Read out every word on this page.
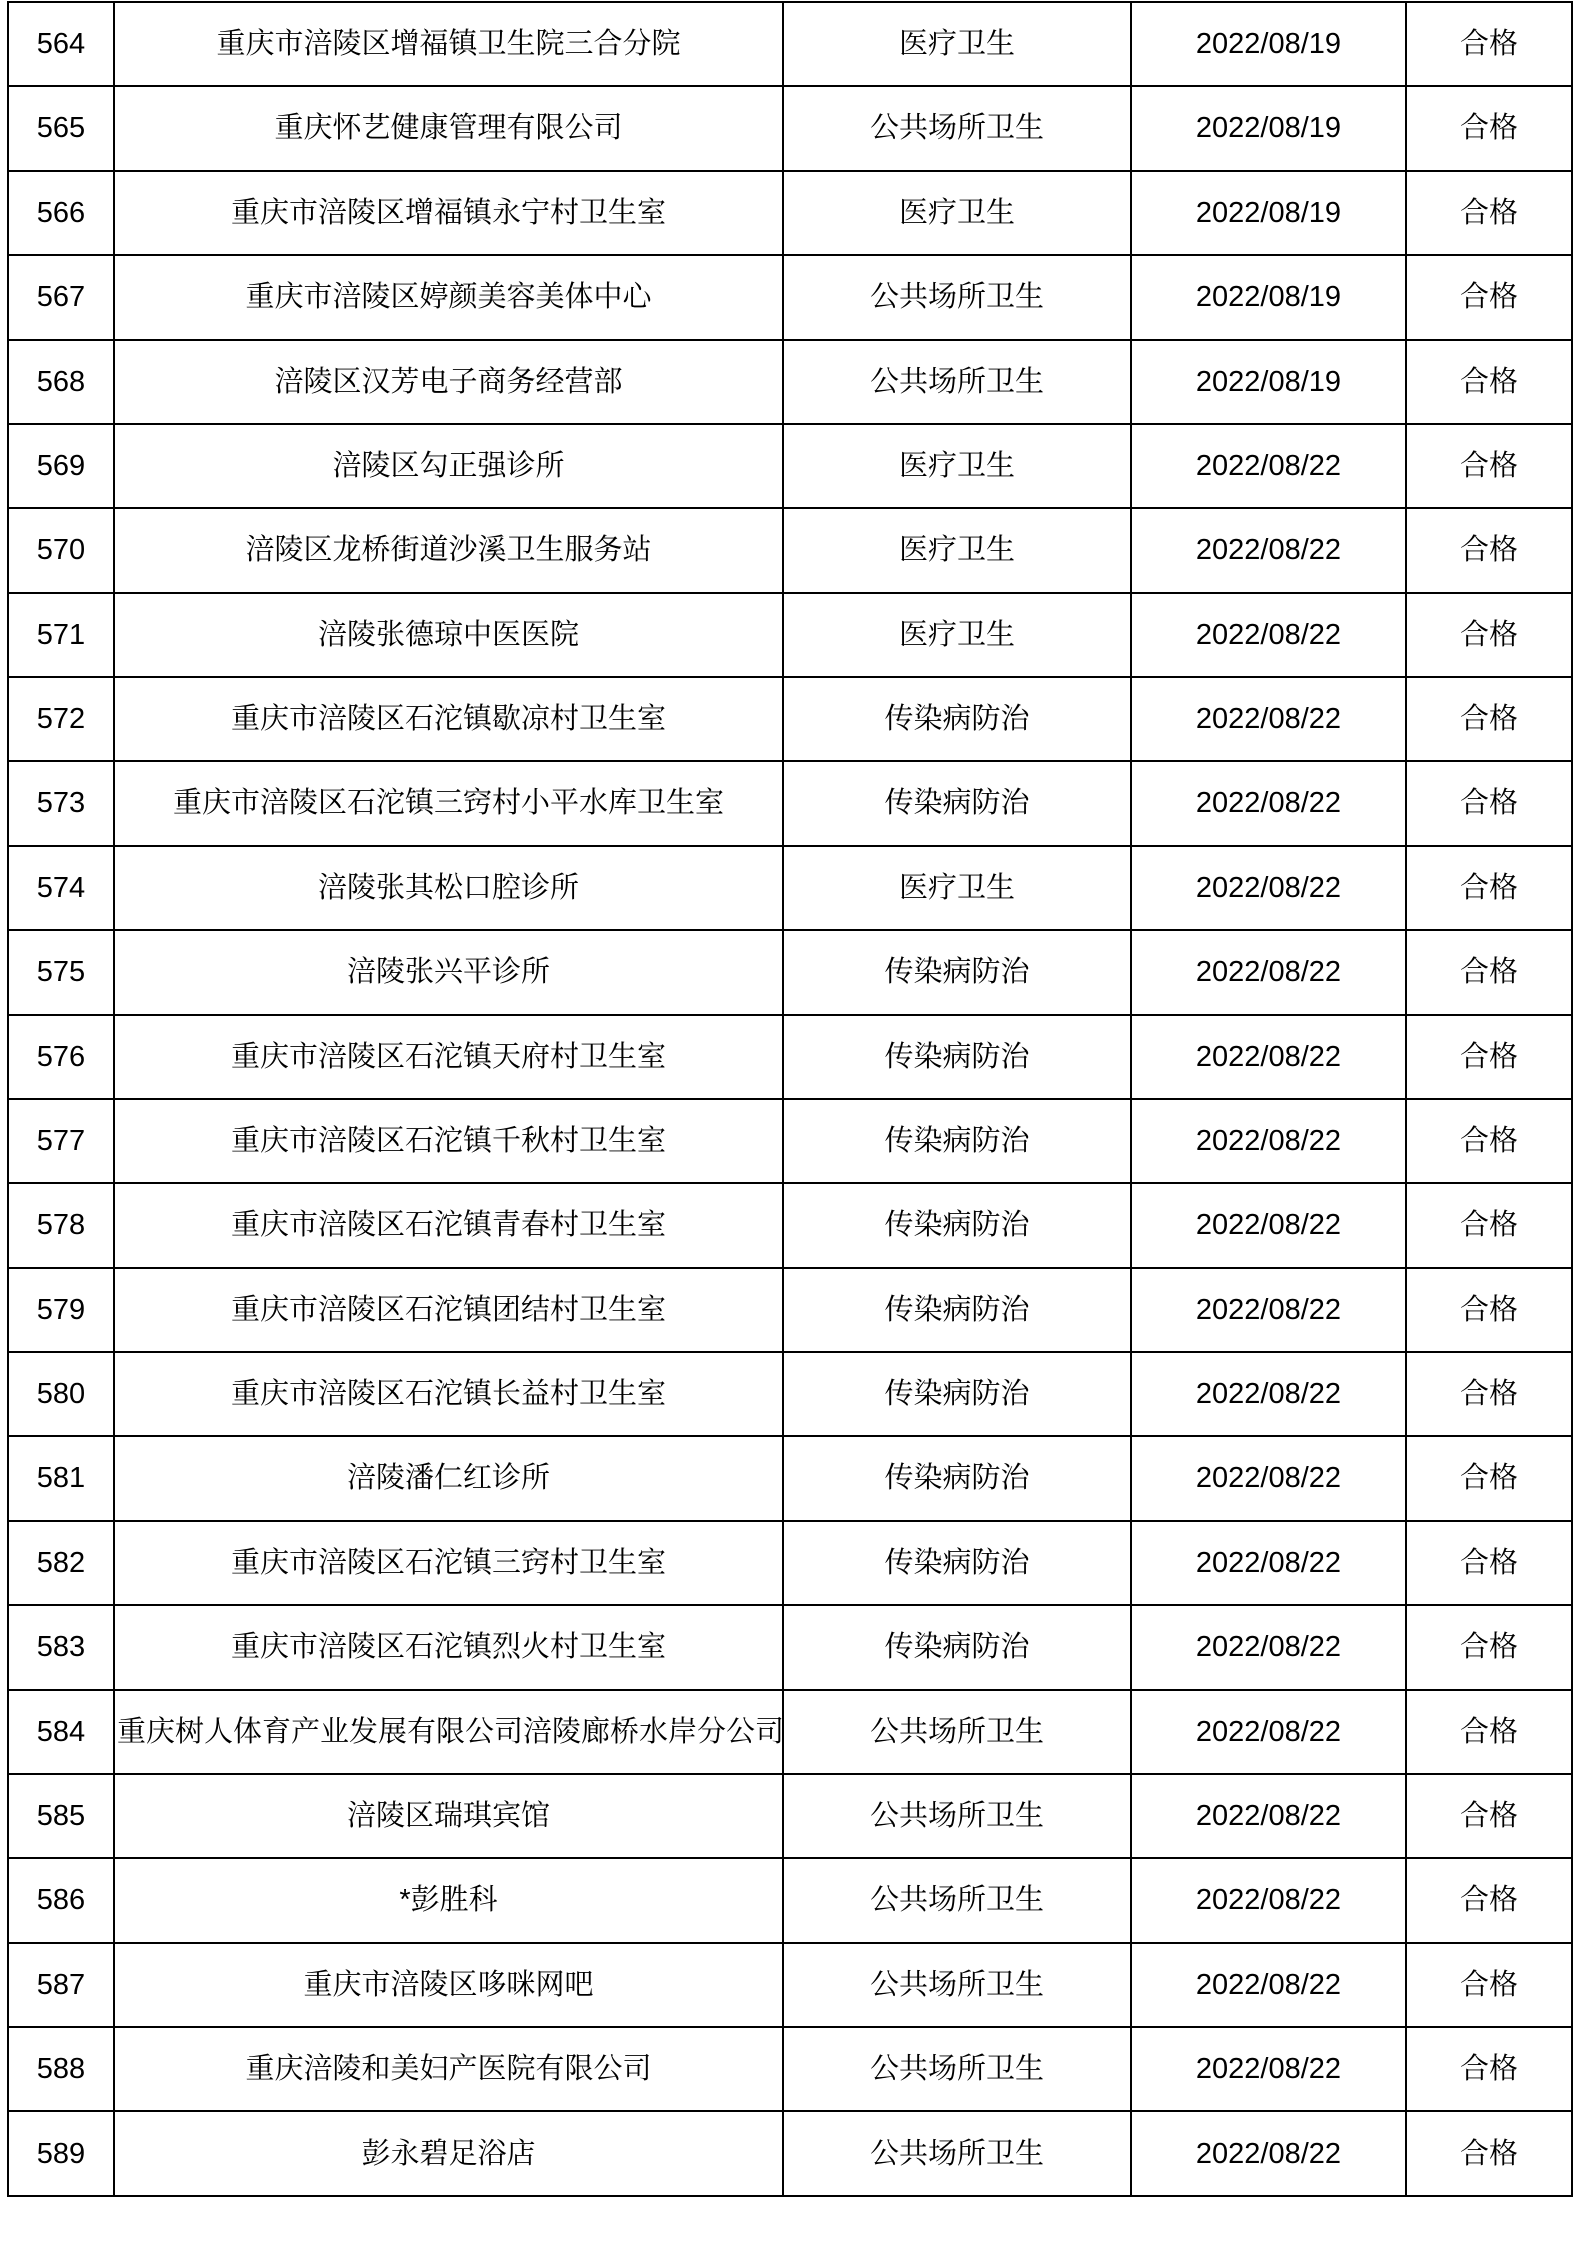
564	重庆市涪陵区增福镇卫生院三合分院	医疗卫生	2022/08/19	合格
565	重庆怀艺健康管理有限公司	公共场所卫生	2022/08/19	合格
566	重庆市涪陵区增福镇永宁村卫生室	医疗卫生	2022/08/19	合格
567	重庆市涪陵区婷颜美容美体中心	公共场所卫生	2022/08/19	合格
568	涪陵区汉芳电子商务经营部	公共场所卫生	2022/08/19	合格
569	涪陵区勾正强诊所	医疗卫生	2022/08/22	合格
570	涪陵区龙桥街道沙溪卫生服务站	医疗卫生	2022/08/22	合格
571	涪陵张德琼中医医院	医疗卫生	2022/08/22	合格
572	重庆市涪陵区石沱镇歇凉村卫生室	传染病防治	2022/08/22	合格
573	重庆市涪陵区石沱镇三窍村小平水库卫生室	传染病防治	2022/08/22	合格
574	涪陵张其松口腔诊所	医疗卫生	2022/08/22	合格
575	涪陵张兴平诊所	传染病防治	2022/08/22	合格
576	重庆市涪陵区石沱镇天府村卫生室	传染病防治	2022/08/22	合格
577	重庆市涪陵区石沱镇千秋村卫生室	传染病防治	2022/08/22	合格
578	重庆市涪陵区石沱镇青春村卫生室	传染病防治	2022/08/22	合格
579	重庆市涪陵区石沱镇团结村卫生室	传染病防治	2022/08/22	合格
580	重庆市涪陵区石沱镇长益村卫生室	传染病防治	2022/08/22	合格
581	涪陵潘仁红诊所	传染病防治	2022/08/22	合格
582	重庆市涪陵区石沱镇三窍村卫生室	传染病防治	2022/08/22	合格
583	重庆市涪陵区石沱镇烈火村卫生室	传染病防治	2022/08/22	合格
584	重庆树人体育产业发展有限公司涪陵廊桥水岸分公司	公共场所卫生	2022/08/22	合格
585	涪陵区瑞琪宾馆	公共场所卫生	2022/08/22	合格
586	*彭胜科	公共场所卫生	2022/08/22	合格
587	重庆市涪陵区哆咪网吧	公共场所卫生	2022/08/22	合格
588	重庆涪陵和美妇产医院有限公司	公共场所卫生	2022/08/22	合格
589	彭永碧足浴店	公共场所卫生	2022/08/22	合格
